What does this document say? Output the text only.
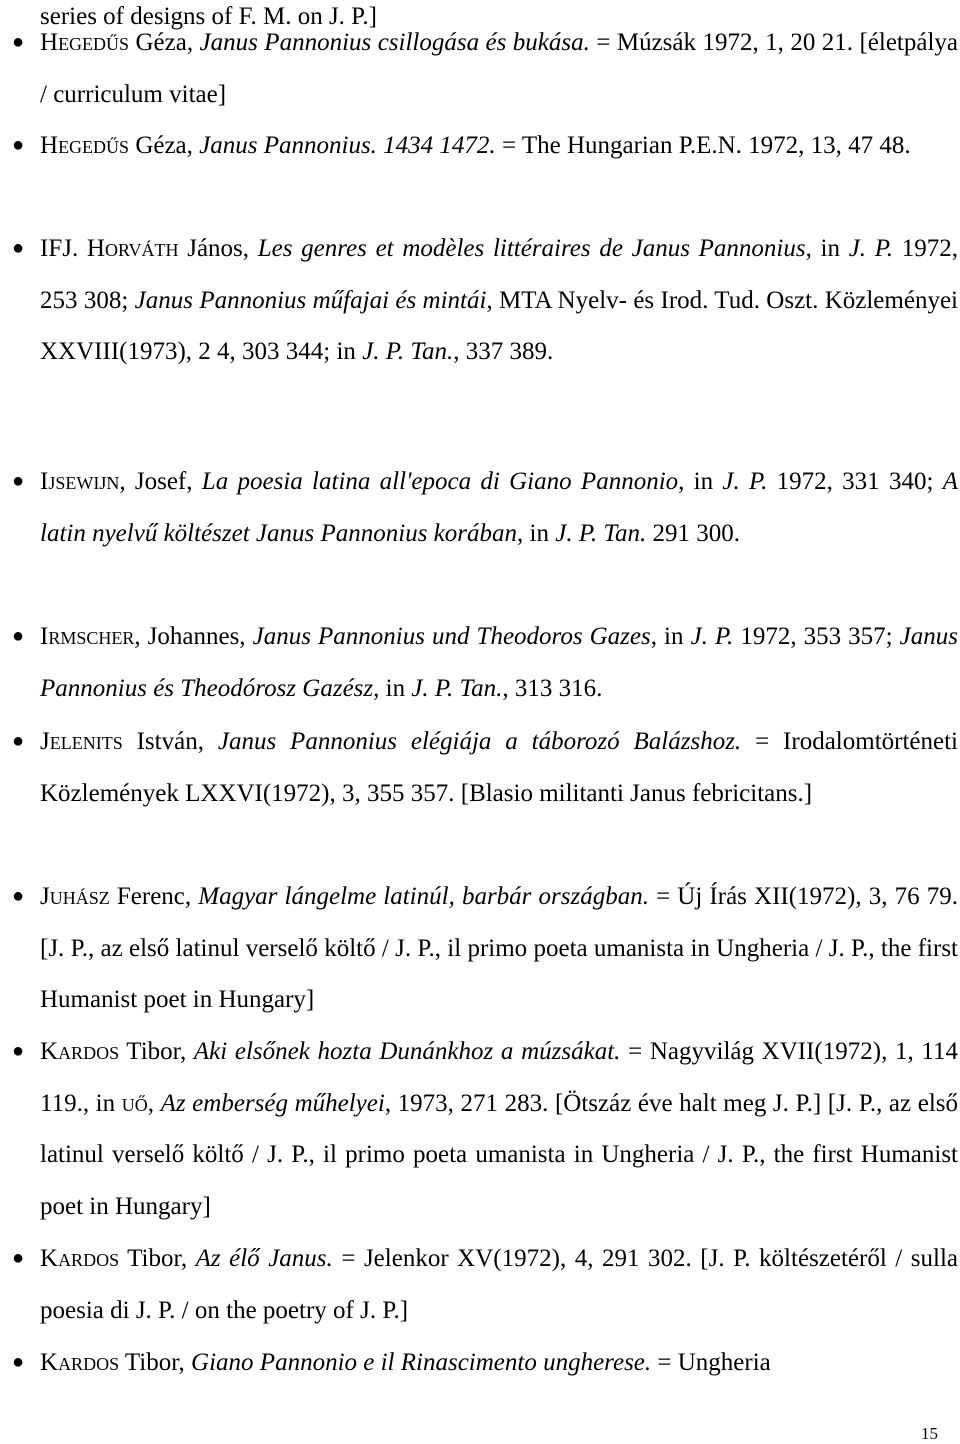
series of designs of F. M. on J. P.]
● Hegedűs Géza, Janus Pannonius csillogása és bukása. = Múzsák 1972, 1, 20 21. [életpálya / curriculum vitae]
● Hegedűs Géza, Janus Pannonius. 1434 1472. = The Hungarian P.E.N. 1972, 13, 47 48.
● IFJ. Horváth János, Les genres et modèles littéraires de Janus Pannonius, in J. P. 1972, 253 308; Janus Pannonius műfajai és mintái, MTA Nyelv- és Irod. Tud. Oszt. Közleményei XXVIII(1973), 2 4, 303 344; in J. P. Tan., 337 389.
● Ijsewijn, Josef, La poesia latina all'epoca di Giano Pannonio, in J. P. 1972, 331 340; A latin nyelvű költészet Janus Pannonius korában, in J. P. Tan. 291 300.
● Irmscher, Johannes, Janus Pannonius und Theodoros Gazes, in J. P. 1972, 353 357; Janus Pannonius és Theodórosz Gazész, in J. P. Tan., 313 316.
● Jelenits István, Janus Pannonius elégiája a táborozó Balázshoz. = Irodalomtörténeti Közlemények LXXVI(1972), 3, 355 357. [Blasio militanti Janus febricitans.]
● Juhász Ferenc, Magyar lángelme latinúl, barbár országban. = Új Írás XII(1972), 3, 76 79. [J. P., az első latinul verselő költő / J. P., il primo poeta umanista in Ungheria / J. P., the first Humanist poet in Hungary]
● Kardos Tibor, Aki elsőnek hozta Dunánkhoz a múzsákat. = Nagyvilág XVII(1972), 1, 114 119., in uő, Az emberség műhelyei, 1973, 271 283. [Ötszáz éve halt meg J. P.] [J. P., az első latinul verselő költő / J. P., il primo poeta umanista in Ungheria / J. P., the first Humanist poet in Hungary]
● Kardos Tibor, Az élő Janus. = Jelenkor XV(1972), 4, 291 302. [J. P. költészetéről / sulla poesia di J. P. / on the poetry of J. P.]
● Kardos Tibor, Giano Pannonio e il Rinascimento ungherese. = Ungheria
15
